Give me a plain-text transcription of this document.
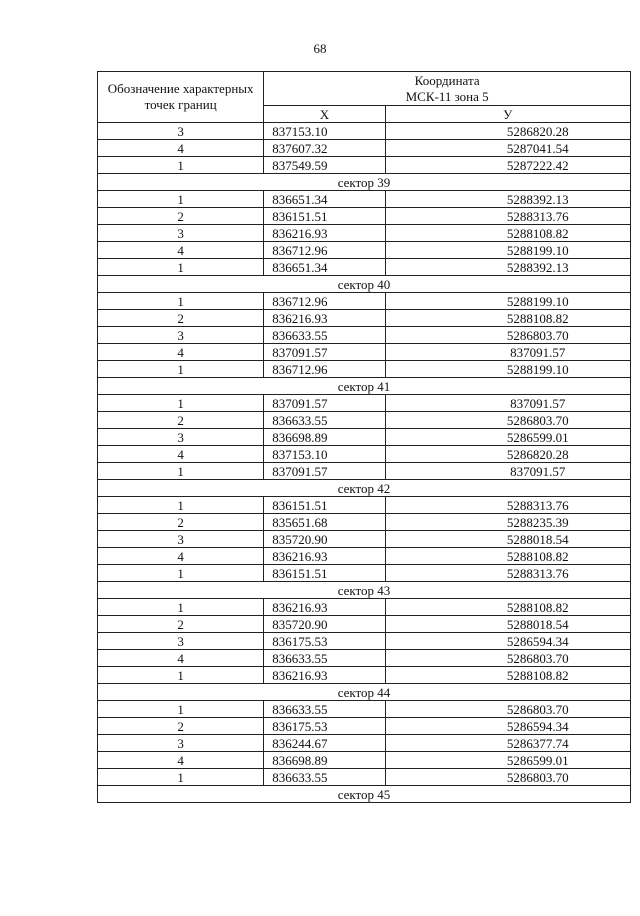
68
Обозначение характерных точек границ	Координата
МСК-11 зона 5	

	X	У
3	837153.10	5286820.28
4	837607.32	5287041.54
1	837549.59	5287222.42
сектор 39		
1	836651.34	5288392.13
2	836151.51	5288313.76
3	836216.93	5288108.82
4	836712.96	5288199.10
1	836651.34	5288392.13
сектор 40		
1	836712.96	5288199.10
2	836216.93	5288108.82
3	836633.55	5286803.70
4	837091.57	837091.57
1	836712.96	5288199.10
сектор 41		
1	837091.57	837091.57
2	836633.55	5286803.70
3	836698.89	5286599.01
4	837153.10	5286820.28
1	837091.57	837091.57
сектор 42		
1	836151.51	5288313.76
2	835651.68	5288235.39
3	835720.90	5288018.54
4	836216.93	5288108.82
1	836151.51	5288313.76
сектор 43		
1	836216.93	5288108.82
2	835720.90	5288018.54
3	836175.53	5286594.34
4	836633.55	5286803.70
1	836216.93	5288108.82
сектор 44		
1	836633.55	5286803.70
2	836175.53	5286594.34
3	836244.67	5286377.74
4	836698.89	5286599.01
1	836633.55	5286803.70
сектор 45		
